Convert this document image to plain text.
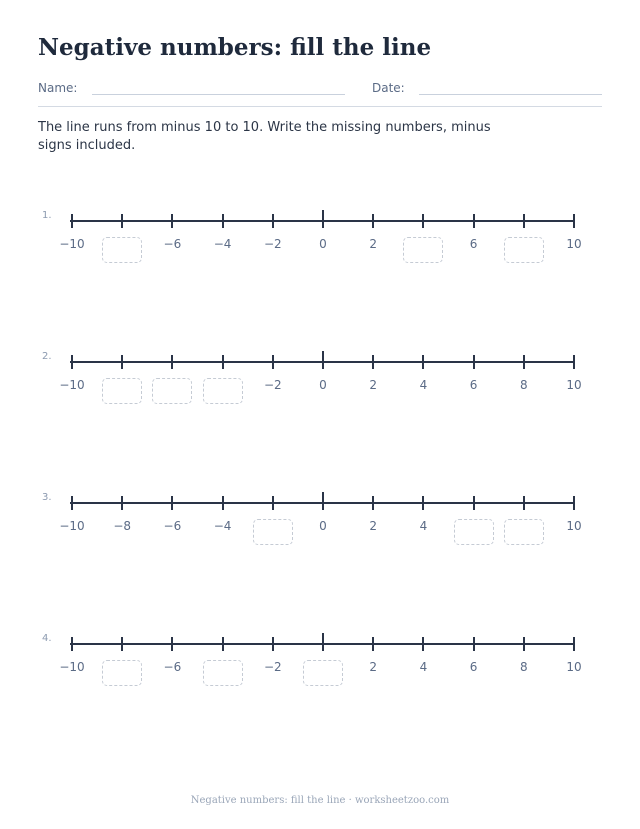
Negative numbers: fill the line
Name:	Date:

The line runs from minus 10 to 10. Write the missing numbers, minus signs included.

1.
−10	−6	−4	−2	0	2	6	10
2.
−10	−2	0	2	4	6	8	10
3.
−10	−8	−6	−4	0	2	4	10
4.
−10	−6	−2	2	4	6	8	10
Negative numbers: fill the line · worksheetzoo.com
